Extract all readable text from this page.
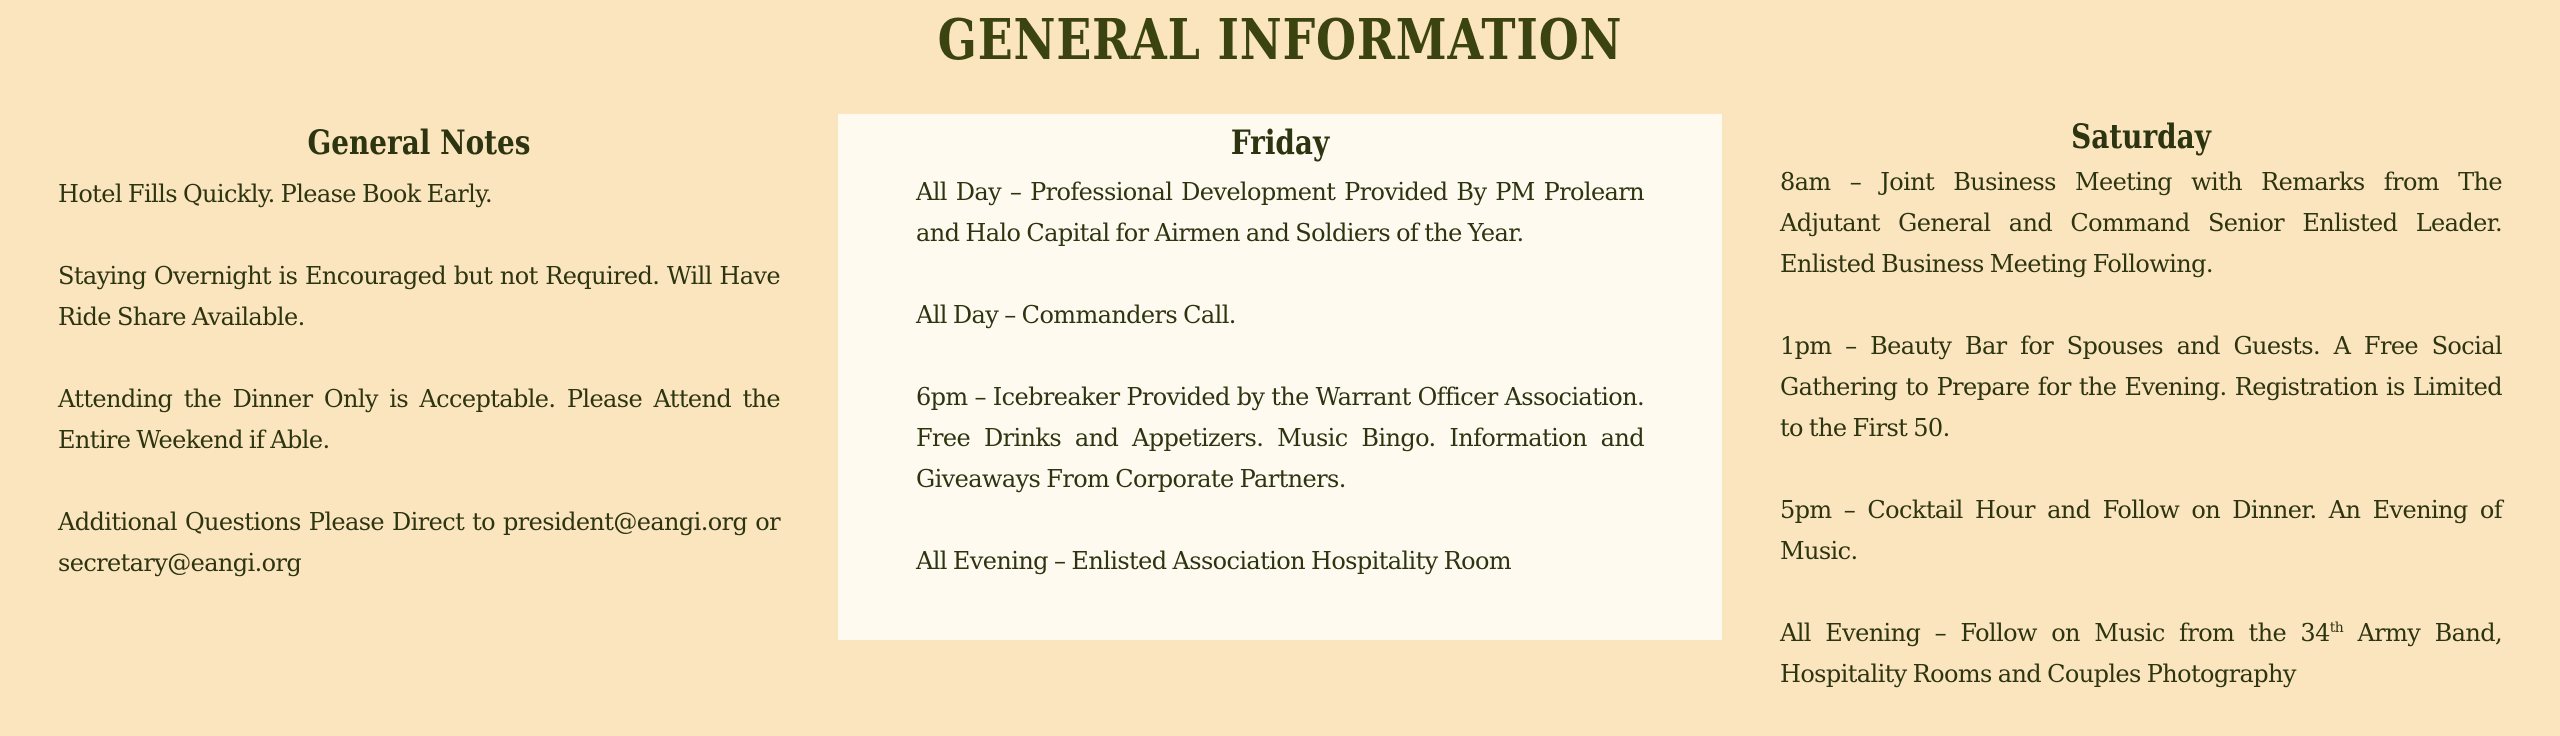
GENERAL INFORMATION
General Notes

Hotel Fills Quickly. Please Book Early.

Staying Overnight is Encouraged but not Required. Will Have Ride Share Available.

Attending the Dinner Only is Acceptable. Please Attend the Entire Weekend if Able.

Additional Questions Please Direct to president@eangi.org or secretary@eangi.org

Friday

All Day – Professional Development Provided By PM Prolearn and Halo Capital for Airmen and Soldiers of the Year.

All Day – Commanders Call.

6pm – Icebreaker Provided by the Warrant Officer Association. Free Drinks and Appetizers. Music Bingo. Information and Giveaways From Corporate Partners.

All Evening – Enlisted Association Hospitality Room

Saturday

8am – Joint Business Meeting with Remarks from The Adjutant General and Command Senior Enlisted Leader. Enlisted Business Meeting Following.

1pm – Beauty Bar for Spouses and Guests. A Free Social Gathering to Prepare for the Evening. Registration is Limited to the First 50.

5pm – Cocktail Hour and Follow on Dinner. An Evening of Music.

All Evening – Follow on Music from the 34th Army Band, Hospitality Rooms and Couples Photography
